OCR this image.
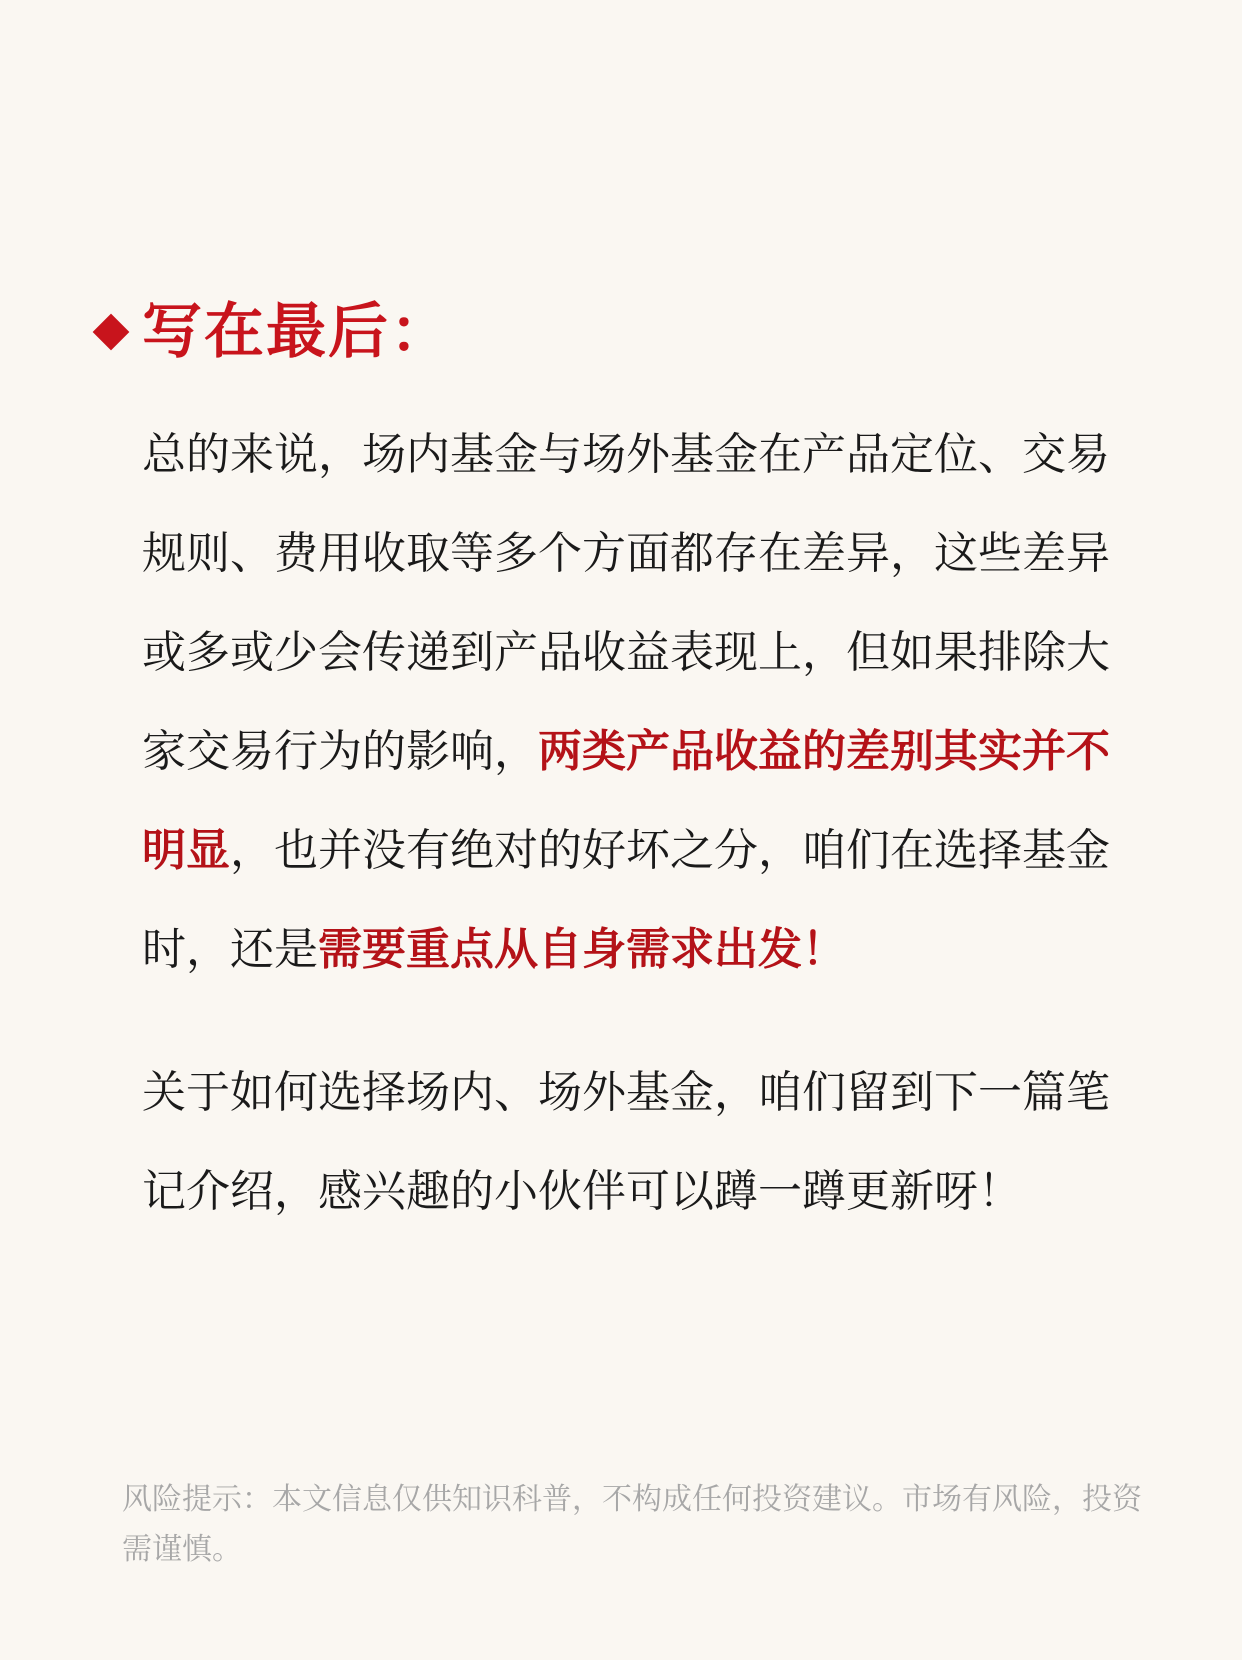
写在最后：

总的来说，场内基金与场外基金在产品定位、交易规则、费用收取等多个方面都存在差异，这些差异或多或少会传递到产品收益表现上，但如果排除大家交易行为的影响，两类产品收益的差别其实并不明显，也并没有绝对的好坏之分，咱们在选择基金时，还是需要重点从自身需求出发！

关于如何选择场内、场外基金，咱们留到下一篇笔记介绍，感兴趣的小伙伴可以蹲一蹲更新呀！

风险提示：本文信息仅供知识科普，不构成任何投资建议。市场有风险，投资需谨慎。
